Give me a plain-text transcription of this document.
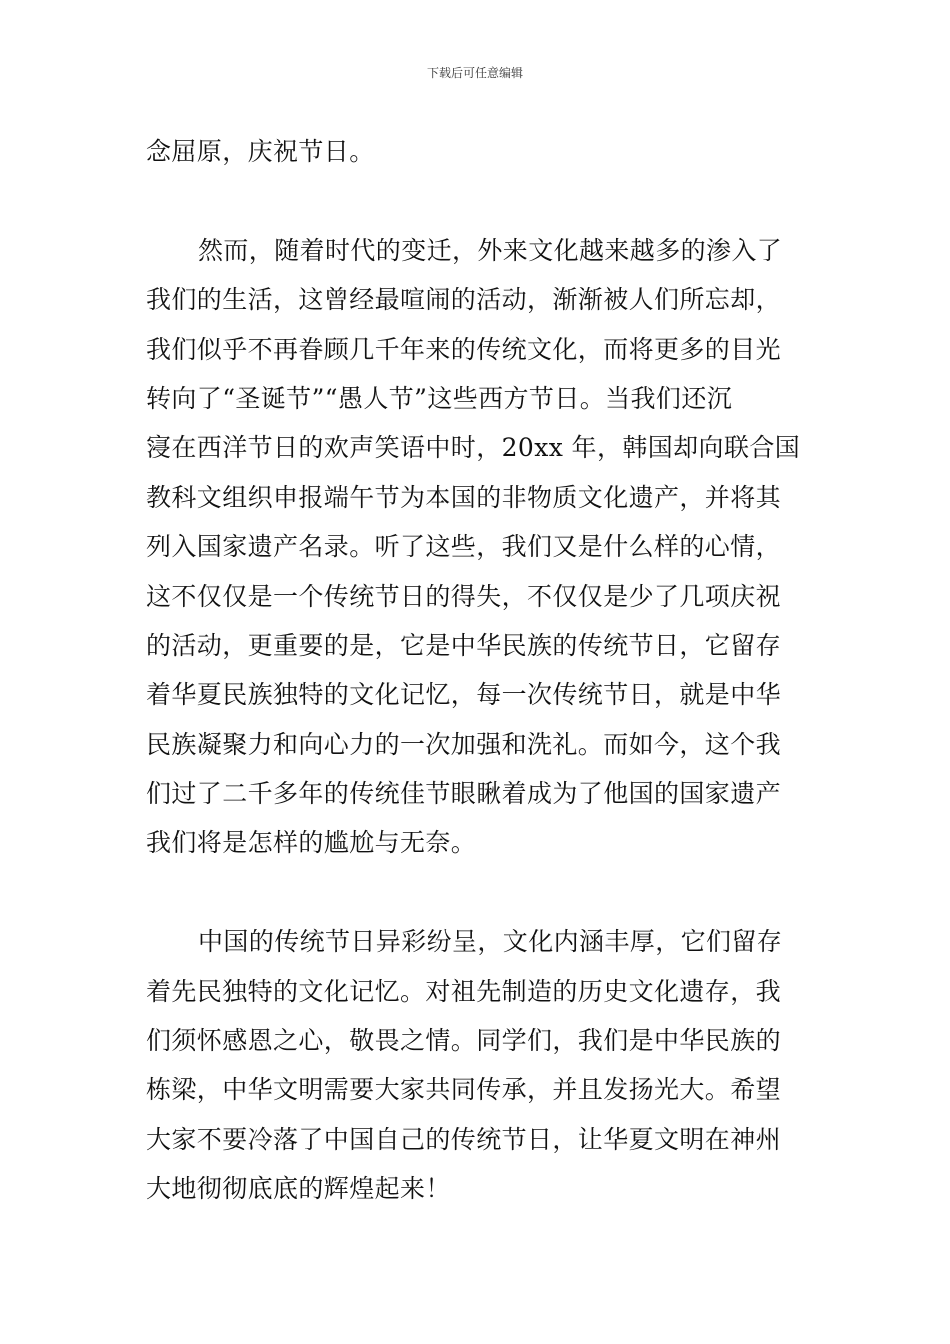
下载后可任意编辑
念屈原，庆祝节日。
然而，随着时代的变迁，外来文化越来越多的渗入了
我们的生活，这曾经最喧闹的活动，渐渐被人们所忘却，
我们似乎不再眷顾几千年来的传统文化，而将更多的目光
转向了“圣诞节”“愚人节”这些西方节日。当我们还沉
寖在西洋节日的欢声笑语中时，20xx 年，韩国却向联合国
教科文组织申报端午节为本国的非物质文化遗产，并将其
列入国家遗产名录。听了这些，我们又是什么样的心情，
这不仅仅是一个传统节日的得失，不仅仅是少了几项庆祝
的活动，更重要的是，它是中华民族的传统节日，它留存
着华夏民族独特的文化记忆，每一次传统节日，就是中华
民族凝聚力和向心力的一次加强和洗礼。而如今，这个我
们过了二千多年的传统佳节眼瞅着成为了他国的国家遗产
我们将是怎样的尴尬与无奈。
中国的传统节日异彩纷呈，文化内涵丰厚，它们留存
着先民独特的文化记忆。对祖先制造的历史文化遗存，我
们须怀感恩之心，敬畏之情。同学们，我们是中华民族的
栋梁，中华文明需要大家共同传承，并且发扬光大。希望
大家不要冷落了中国自己的传统节日，让华夏文明在神州
大地彻彻底底的辉煌起来！
